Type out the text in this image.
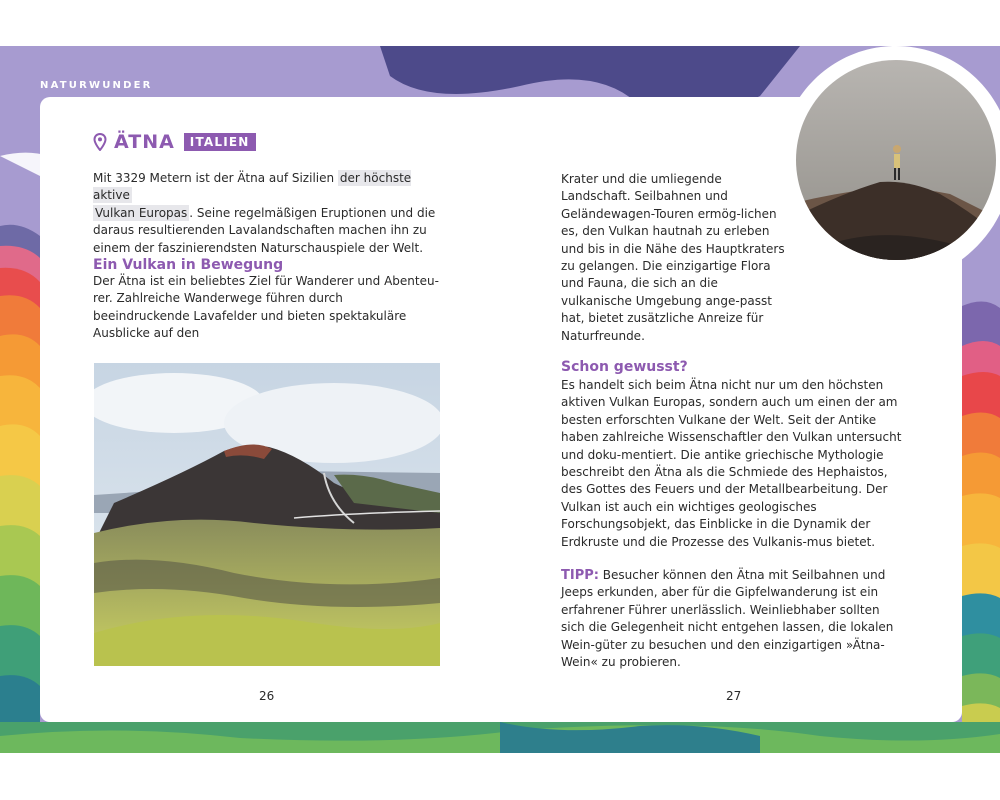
NATURWUNDER
ÄTNA	ITALIEN

Mit 3329 Metern ist der Ätna auf Sizilien der höchste aktive
Vulkan Europas . Seine regelmäßigen Eruptionen und die daraus resultierenden Lavalandschaften machen ihn zu einem der faszinierendsten Naturschauspiele der Welt.

Ein Vulkan in Bewegung

Der Ätna ist ein beliebtes Ziel für Wanderer und Abenteu-rer. Zahlreiche Wanderwege führen durch beeindruckende Lavafelder und bieten spektakuläre Ausblicke auf den

Krater und die umliegende Landschaft. Seilbahnen und Geländewagen-Touren ermög-lichen es, den Vulkan hautnah zu erleben und bis in die Nähe des Hauptkraters zu gelangen. Die einzigartige Flora und Fauna, die sich an die vulkanische Umgebung ange-passt hat, bietet zusätzliche Anreize für Naturfreunde.

Schon gewusst?

Es handelt sich beim Ätna nicht nur um den höchsten aktiven Vulkan Europas, sondern auch um einen der am besten erforschten Vulkane der Welt. Seit der Antike haben zahlreiche Wissenschaftler den Vulkan untersucht und doku-mentiert. Die antike griechische Mythologie beschreibt den Ätna als die Schmiede des Hephaistos, des Gottes des Feuers und der Metallbearbeitung. Der Vulkan ist auch ein wichtiges geologisches Forschungsobjekt, das Einblicke in die Dynamik der Erdkruste und die Prozesse des Vulkanis-mus bietet.

TIPP: Besucher können den Ätna mit Seilbahnen und Jeeps erkunden, aber für die Gipfelwanderung ist ein erfahrener Führer unerlässlich. Weinliebhaber sollten sich die Gelegenheit nicht entgehen lassen, die lokalen Wein-güter zu besuchen und den einzigartigen »Ätna-Wein« zu probieren.

26	27
